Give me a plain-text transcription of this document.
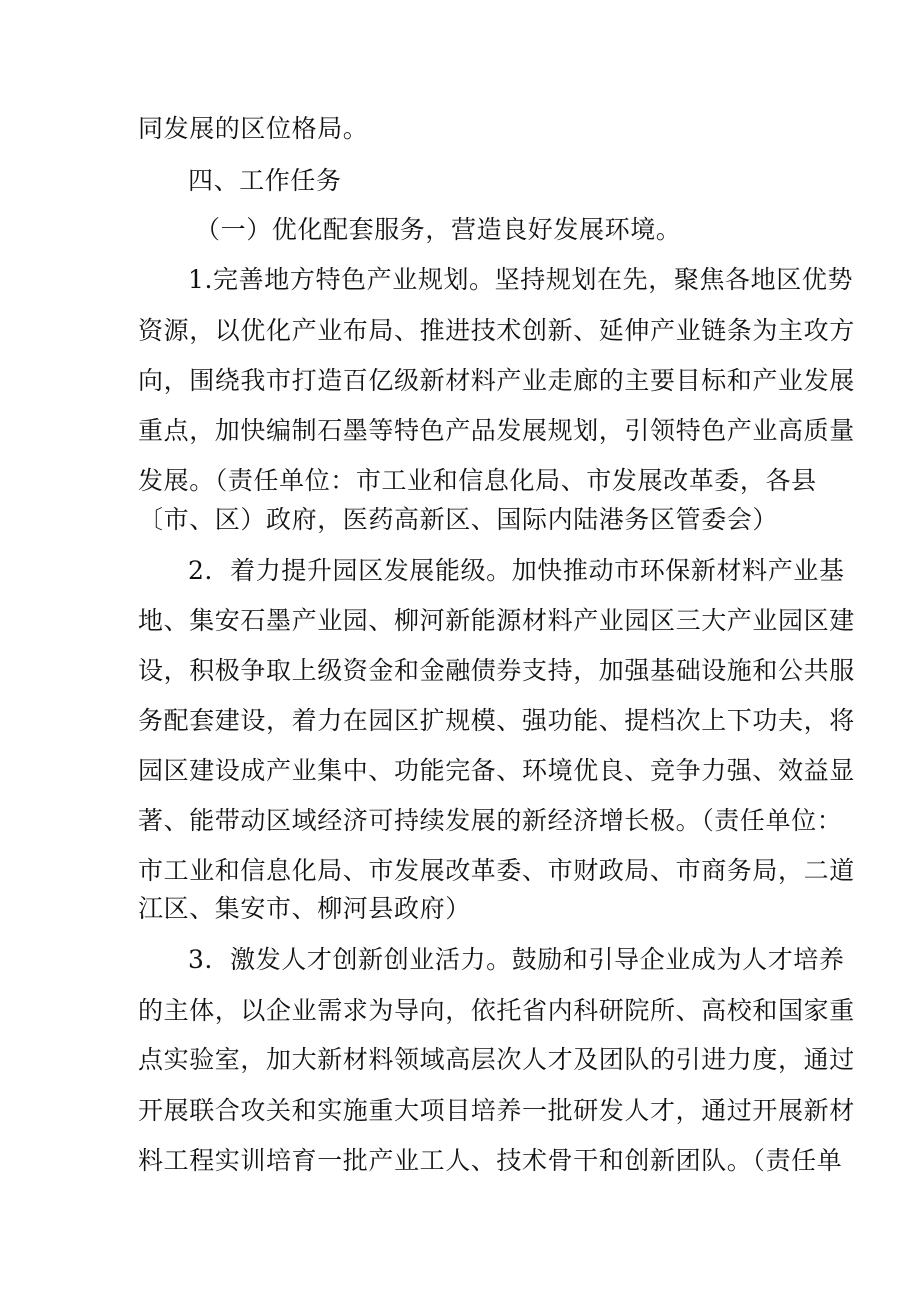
同发展的区位格局。
四、工作任务
（一）优化配套服务，营造良好发展环境。
1.完善地方特色产业规划。坚持规划在先，聚焦各地区优势
资源，以优化产业布局、推进技术创新、延伸产业链条为主攻方
向，围绕我市打造百亿级新材料产业走廊的主要目标和产业发展
重点，加快编制石墨等特色产品发展规划，引领特色产业高质量
发展。（责任单位：市工业和信息化局、市发展改革委，各县
〔市、区）政府，医药高新区、国际内陆港务区管委会）
2．着力提升园区发展能级。加快推动市环保新材料产业基
地、集安石墨产业园、柳河新能源材料产业园区三大产业园区建
设，积极争取上级资金和金融债券支持，加强基础设施和公共服
务配套建设，着力在园区扩规模、强功能、提档次上下功夫，将
园区建设成产业集中、功能完备、环境优良、竞争力强、效益显
著、能带动区域经济可持续发展的新经济增长极。（责任单位：
市工业和信息化局、市发展改革委、市财政局、市商务局，二道
江区、集安市、柳河县政府）
3．激发人才创新创业活力。鼓励和引导企业成为人才培养
的主体，以企业需求为导向，依托省内科研院所、高校和国家重
点实验室，加大新材料领域高层次人才及团队的引进力度，通过
开展联合攻关和实施重大项目培养一批研发人才，通过开展新材
料工程实训培育一批产业工人、技术骨干和创新团队。（责任单
